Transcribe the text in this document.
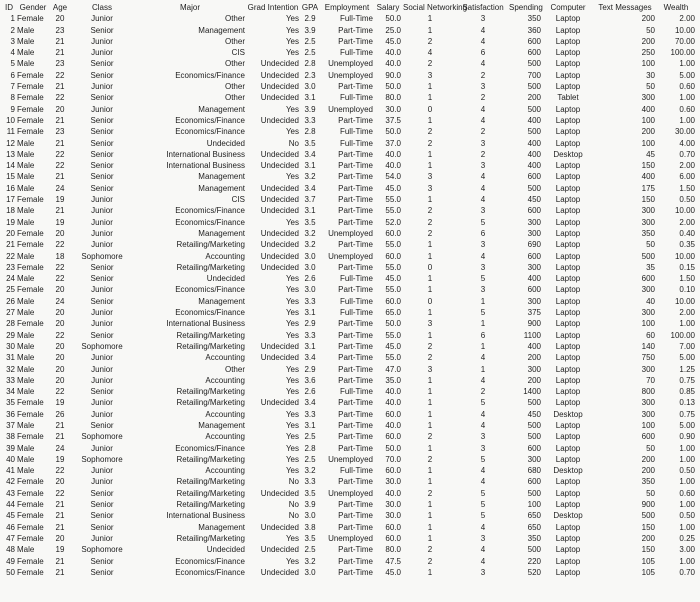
ID	Gender	Age	Class	Major	Grad Intention	GPA	Employment	Salary	Social Networking	Satisfaction	Spending	Computer	Text Messages	Wealth
1	Female	20	Junior	Other	Yes	2.9	Full-Time	50.0	1	3	350	Laptop	200	2.00
2	Male	23	Senior	Management	Yes	3.9	Part-Time	25.0	1	4	360	Laptop	50	10.00
3	Male	21	Junior	Other	Yes	2.5	Part-Time	45.0	2	4	600	Laptop	200	70.00
4	Male	21	Junior	CIS	Yes	2.5	Full-Time	40.0	4	6	600	Laptop	250	100.00
5	Male	23	Senior	Other	Undecided	2.8	Unemployed	40.0	2	4	500	Laptop	100	1.00
6	Female	22	Senior	Economics/Finance	Undecided	2.3	Unemployed	90.0	3	2	700	Laptop	30	5.00
7	Female	21	Junior	Other	Undecided	3.0	Part-Time	50.0	1	3	500	Laptop	50	0.60
8	Female	22	Senior	Other	Undecided	3.1	Full-Time	80.0	1	2	200	Tablet	300	1.00
9	Female	20	Junior	Management	Yes	3.9	Unemployed	30.0	0	4	500	Laptop	400	0.60
10	Female	21	Senior	Economics/Finance	Undecided	3.3	Part-Time	37.5	1	4	400	Laptop	100	1.00
11	Female	23	Senior	Economics/Finance	Yes	2.8	Full-Time	50.0	2	2	500	Laptop	200	30.00
12	Male	21	Senior	Undecided	No	3.5	Full-Time	37.0	2	3	400	Laptop	100	4.00
13	Male	22	Senior	International Business	Undecided	3.4	Part-Time	40.0	1	2	400	Desktop	45	0.70
14	Male	22	Senior	International Business	Undecided	3.1	Part-Time	40.0	1	3	400	Laptop	150	2.00
15	Male	21	Senior	Management	Yes	3.2	Part-Time	54.0	3	4	600	Laptop	400	6.00
16	Male	24	Senior	Management	Undecided	3.4	Part-Time	45.0	3	4	500	Laptop	175	1.50
17	Female	19	Junior	CIS	Undecided	3.7	Part-Time	55.0	1	4	450	Laptop	150	0.50
18	Male	21	Junior	Economics/Finance	Undecided	3.1	Part-Time	55.0	2	3	600	Laptop	300	10.00
19	Male	19	Junior	Economics/Finance	Yes	3.5	Part-Time	52.0	2	5	300	Laptop	300	2.00
20	Female	20	Junior	Management	Undecided	3.2	Unemployed	60.0	2	6	300	Laptop	350	0.40
21	Female	22	Junior	Retailing/Marketing	Undecided	3.2	Part-Time	55.0	1	3	690	Laptop	50	0.35
22	Male	18	Sophomore	Accounting	Undecided	3.0	Unemployed	60.0	1	4	600	Laptop	500	10.00
23	Female	22	Senior	Retailing/Marketing	Undecided	3.0	Part-Time	55.0	0	3	300	Laptop	35	0.15
24	Male	22	Senior	Undecided	Yes	2.6	Full-Time	45.0	1	5	400	Laptop	600	1.50
25	Female	20	Junior	Economics/Finance	Yes	3.0	Part-Time	55.0	1	3	600	Laptop	300	0.10
26	Male	24	Senior	Management	Yes	3.3	Full-Time	60.0	0	1	300	Laptop	40	10.00
27	Male	20	Junior	Economics/Finance	Yes	3.1	Full-Time	65.0	1	5	375	Laptop	300	2.00
28	Female	20	Junior	International Business	Yes	2.9	Part-Time	50.0	3	1	900	Laptop	100	1.00
29	Male	22	Senior	Retailing/Marketing	Yes	3.3	Part-Time	55.0	1	6	1100	Laptop	60	100.00
30	Male	20	Sophomore	Retailing/Marketing	Undecided	3.1	Part-Time	45.0	2	1	400	Laptop	140	7.00
31	Male	20	Junior	Accounting	Undecided	3.4	Part-Time	55.0	2	4	200	Laptop	750	5.00
32	Male	20	Junior	Other	Yes	2.9	Part-Time	47.0	3	1	300	Laptop	300	1.25
33	Male	20	Junior	Accounting	Yes	3.6	Part-Time	35.0	1	4	200	Laptop	70	0.75
34	Male	22	Senior	Retailing/Marketing	Yes	2.6	Full-Time	40.0	1	2	1400	Laptop	800	0.85
35	Female	19	Junior	Retailing/Marketing	Undecided	3.4	Part-Time	40.0	1	5	500	Laptop	300	0.13
36	Female	26	Junior	Accounting	Yes	3.3	Part-Time	60.0	1	4	450	Desktop	300	0.75
37	Male	21	Senior	Management	Yes	3.1	Part-Time	40.0	1	4	500	Laptop	100	5.00
38	Female	21	Sophomore	Accounting	Yes	2.5	Part-Time	60.0	2	3	500	Laptop	600	0.90
39	Male	24	Junior	Economics/Finance	Yes	2.8	Part-Time	50.0	1	3	600	Laptop	50	1.00
40	Male	19	Sophomore	Retailing/Marketing	Yes	2.5	Unemployed	70.0	2	5	300	Laptop	200	1.00
41	Male	22	Junior	Accounting	Yes	3.2	Full-Time	60.0	1	4	680	Desktop	200	0.50
42	Female	20	Junior	Retailing/Marketing	No	3.3	Part-Time	30.0	1	4	600	Laptop	350	1.00
43	Female	22	Senior	Retailing/Marketing	Undecided	3.5	Unemployed	40.0	2	5	500	Laptop	50	0.60
44	Female	21	Senior	Retailing/Marketing	No	3.9	Part-Time	30.0	1	5	100	Laptop	900	1.00
45	Female	21	Senior	International Business	No	3.0	Part-Time	30.0	1	5	650	Desktop	500	0.50
46	Female	21	Senior	Management	Undecided	3.8	Part-Time	60.0	1	4	650	Laptop	150	1.00
47	Female	20	Junior	Retailing/Marketing	Yes	3.5	Unemployed	60.0	1	3	350	Laptop	200	0.25
48	Male	19	Sophomore	Undecided	Undecided	2.5	Part-Time	80.0	2	4	500	Laptop	150	3.00
49	Female	21	Senior	Economics/Finance	Yes	3.2	Part-Time	47.5	2	4	220	Laptop	105	1.00
50	Female	21	Senior	Economics/Finance	Undecided	3.0	Part-Time	45.0	1	3	520	Laptop	105	0.70
